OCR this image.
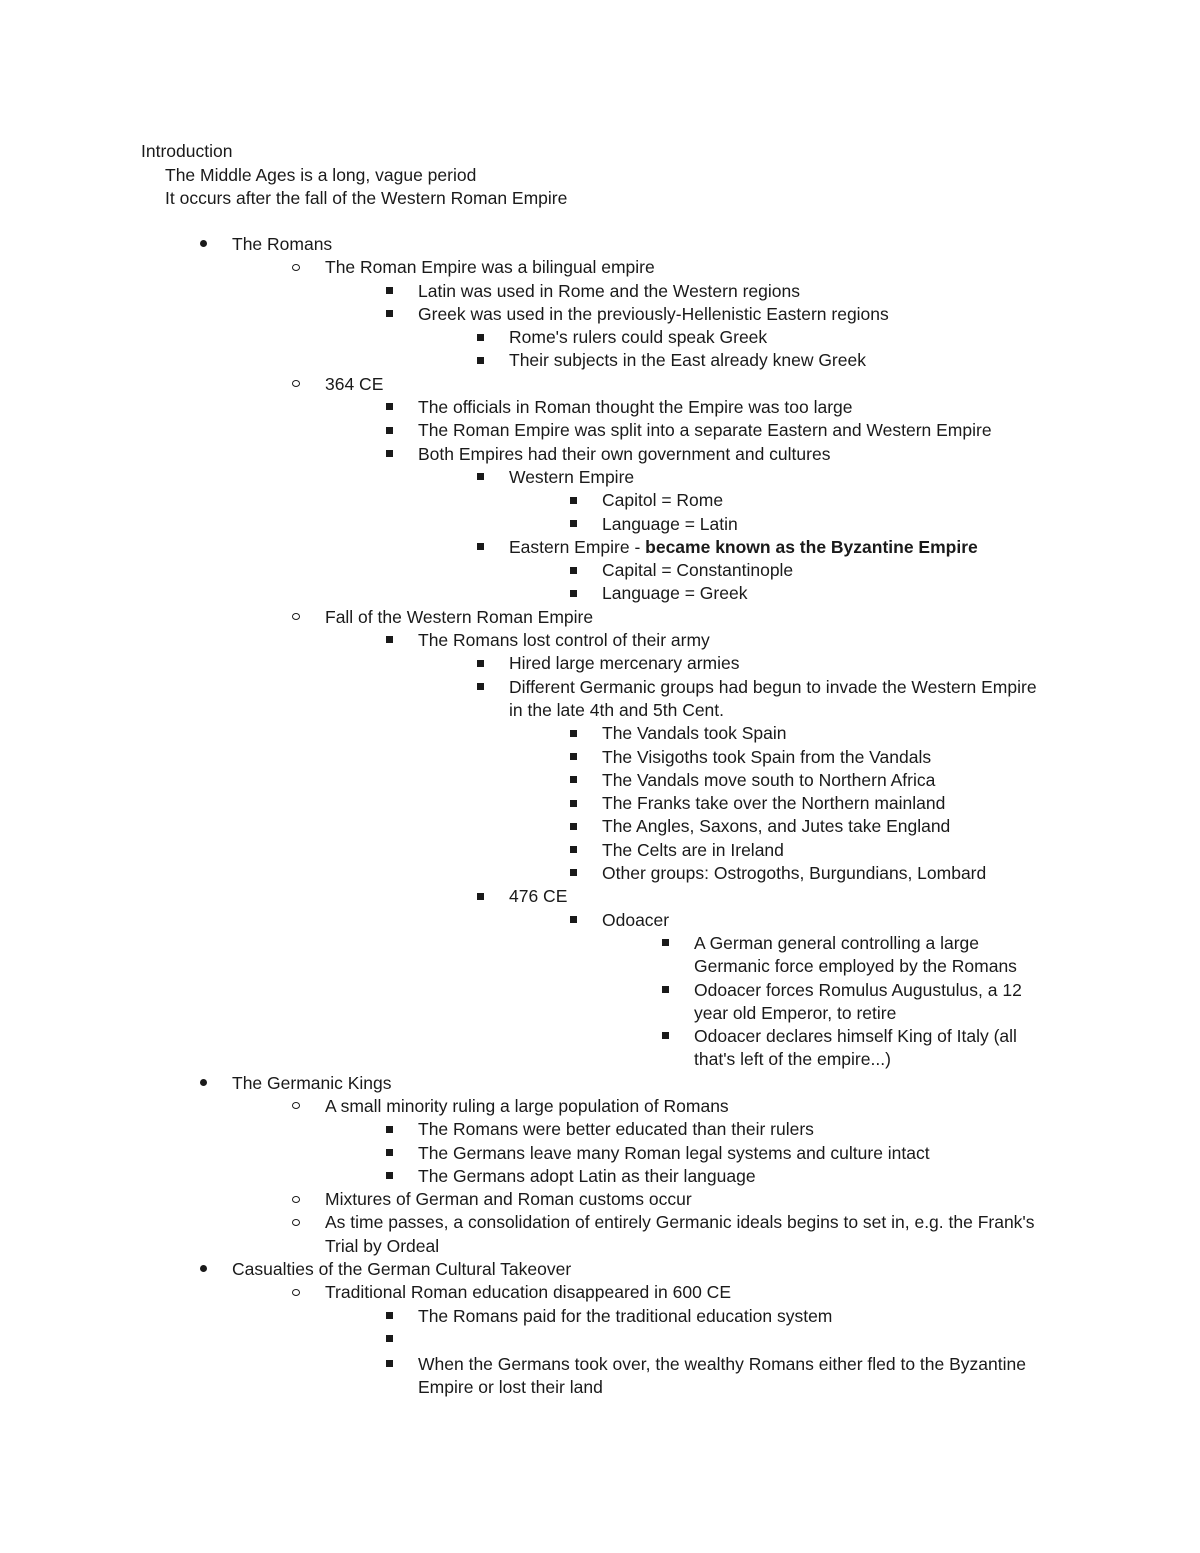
Introduction
The Middle Ages is a long, vague period
It occurs after the fall of the Western Roman Empire
The Romans
The Roman Empire was a bilingual empire
Latin was used in Rome and the Western regions
Greek was used in the previously-Hellenistic Eastern regions
Rome's rulers could speak Greek
Their subjects in the East already knew Greek
364 CE
The officials in Roman thought the Empire was too large
The Roman Empire was split into a separate Eastern and Western Empire
Both Empires had their own government and cultures
Western Empire
Capitol = Rome
Language = Latin
Eastern Empire - became known as the Byzantine Empire
Capital = Constantinople
Language = Greek
Fall of the Western Roman Empire
The Romans lost control of their army
Hired large mercenary armies
Different Germanic groups had begun to invade the Western Empire in the late 4th and 5th Cent.
The Vandals took Spain
The Visigoths took Spain from the Vandals
The Vandals move south to Northern Africa
The Franks take over the Northern mainland
The Angles, Saxons, and Jutes take England
The Celts are in Ireland
Other groups: Ostrogoths, Burgundians, Lombard
476 CE
Odoacer
A German general controlling a large Germanic force employed by the Romans
Odoacer forces Romulus Augustulus, a 12 year old Emperor, to retire
Odoacer declares himself King of Italy (all that's left of the empire...)
The Germanic Kings
A small minority ruling a large population of Romans
The Romans were better educated than their rulers
The Germans leave many Roman legal systems and culture intact
The Germans adopt Latin as their language
Mixtures of German and Roman customs occur
As time passes, a consolidation of entirely Germanic ideals begins to set in, e.g. the Frank's Trial by Ordeal
Casualties of the German Cultural Takeover
Traditional Roman education disappeared in 600 CE
The Romans paid for the traditional education system
When the Germans took over, the wealthy Romans either fled to the Byzantine Empire or lost their land
